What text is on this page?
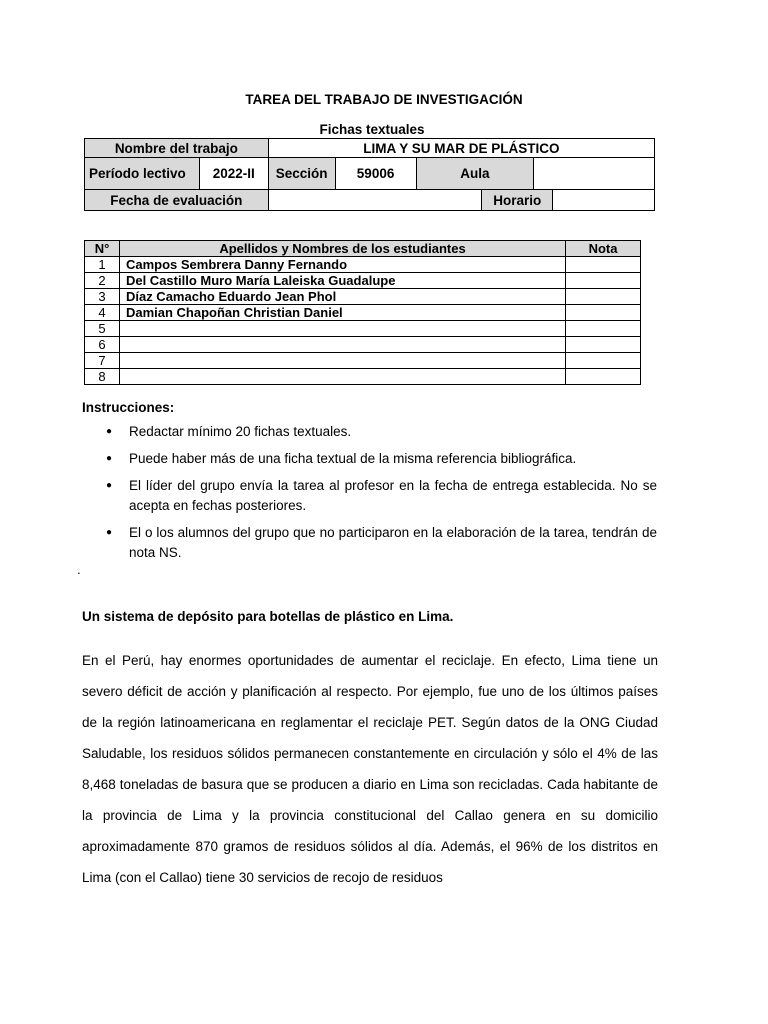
TAREA DEL TRABAJO DE INVESTIGACIÓN
Fichas textuales
Nombre del trabajo		LIMA Y SU MAR DE PLÁSTICO					
Período lectivo	2022-II	Sección	59006	Aula			
Fecha de evaluación					Horario		
N°	Apellidos y Nombres de los estudiantes	Nota
1	Campos Sembrera Danny Fernando	
2	Del Castillo Muro María Laleiska Guadalupe	
3	Díaz Camacho Eduardo Jean Phol	
4	Damian Chapoñan Christian Daniel	
5		
6		
7		
8		
Instrucciones:
● Redactar mínimo 20 fichas textuales.
● Puede haber más de una ficha textual de la misma referencia bibliográfica.
● El líder del grupo envía la tarea al profesor en la fecha de entrega establecida. No se acepta en fechas posteriores.
● El o los alumnos del grupo que no participaron en la elaboración de la tarea, tendrán de nota NS.
.
Un sistema de depósito para botellas de plástico en Lima.

En el Perú, hay enormes oportunidades de aumentar el reciclaje. En efecto, Lima tiene un severo déficit de acción y planificación al respecto. Por ejemplo, fue uno de los últimos países de la región latinoamericana en reglamentar el reciclaje PET. Según datos de la ONG Ciudad Saludable, los residuos sólidos permanecen constantemente en circulación y sólo el 4% de las 8,468 toneladas de basura que se producen a diario en Lima son recicladas. Cada habitante de la provincia de Lima y la provincia constitucional del Callao genera en su domicilio aproximadamente 870 gramos de residuos sólidos al día. Además, el 96% de los distritos en Lima (con el Callao) tiene 30 servicios de recojo de residuos
